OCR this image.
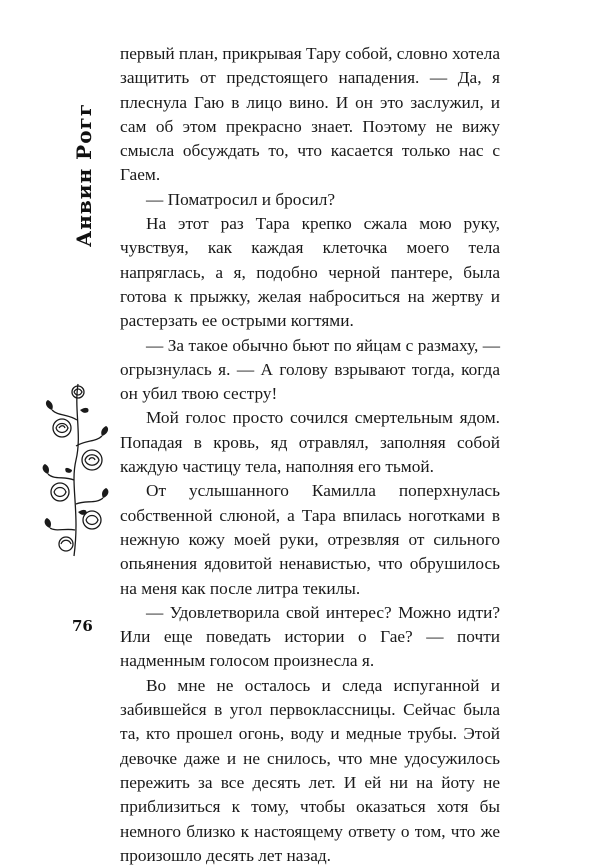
Анвин Рогг
76

первый план, прикрывая Тару собой, словно хотела защитить от предстоящего нападения. — Да, я плеснула Гаю в лицо вино. И он это заслужил, и сам об этом прекрасно знает. Поэтому не вижу смысла обсуждать то, что касается только нас с Гаем.

— Поматросил и бросил?

На этот раз Тара крепко сжала мою руку, чувствуя, как каждая клеточка моего тела напряглась, а я, подобно черной пантере, была готова к прыжку, желая наброситься на жертву и растерзать ее острыми когтями.

— За такое обычно бьют по яйцам с размаху, — огрызнулась я. — А голову взрывают тогда, когда он убил твою сестру!

Мой голос просто сочился смертельным ядом. Попадая в кровь, яд отравлял, заполняя собой каждую частицу тела, наполняя его тьмой.

От услышанного Камилла поперхнулась собственной слюной, а Тара впилась ноготками в нежную кожу моей руки, отрезвляя от сильного опьянения ядовитой ненавистью, что обрушилось на меня как после литра текилы.

— Удовлетворила свой интерес? Можно идти? Или еще поведать истории о Гае? — почти надменным голосом произнесла я.

Во мне не осталось и следа испуганной и забившейся в угол первоклассницы. Сейчас была та, кто прошел огонь, воду и медные трубы. Этой девочке даже и не снилось, что мне удосужилось пережить за все десять лет. И ей ни на йоту не приблизиться к тому, чтобы оказаться хотя бы немного близко к настоящему ответу о том, что же произошло десять лет назад.
